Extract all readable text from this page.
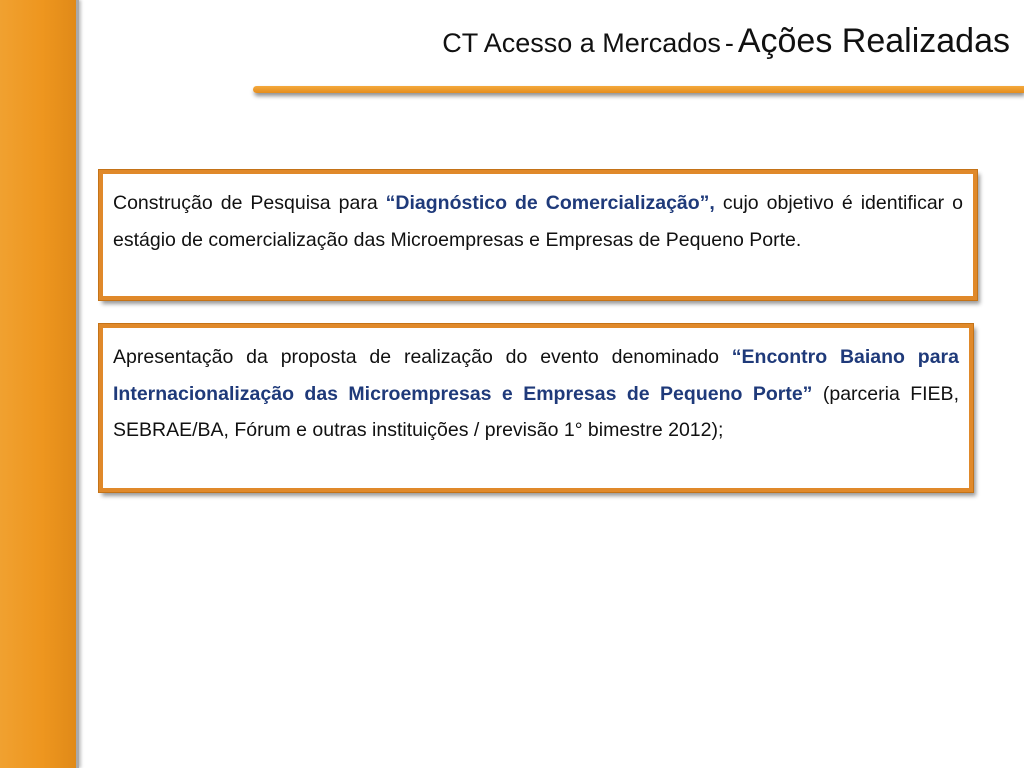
CT Acesso a Mercados - Ações Realizadas
Construção de Pesquisa para “Diagnóstico de Comercialização”, cujo objetivo é identificar o estágio de comercialização das Microempresas e Empresas de Pequeno Porte.
Apresentação da proposta de realização do evento denominado “Encontro Baiano para Internacionalização das Microempresas e Empresas de Pequeno Porte” (parceria FIEB, SEBRAE/BA, Fórum e outras instituições / previsão 1° bimestre 2012);
